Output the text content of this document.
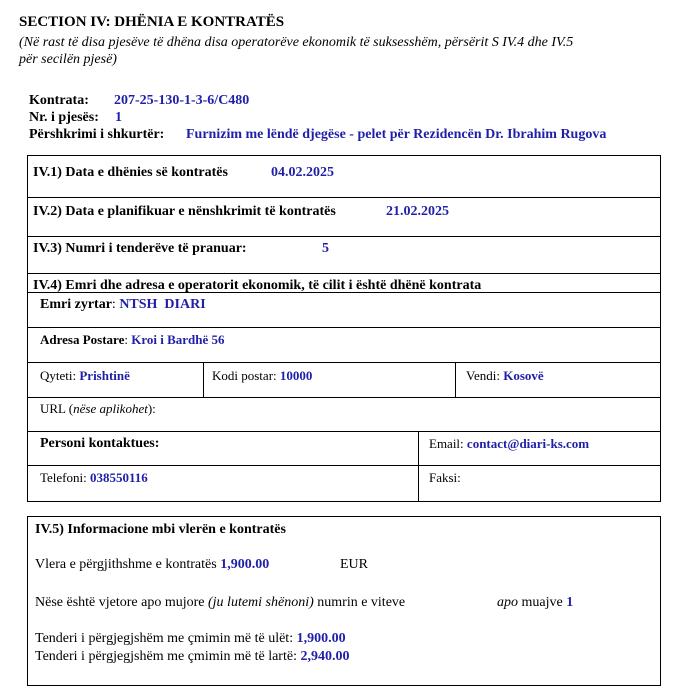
SECTION IV: DHËNIA E KONTRATËS
(Në rast të disa pjesëve të dhëna disa operatorëve ekonomik të suksesshëm, përsërit S IV.4 dhe IV.5
për secilën pjesë)
Kontrata: 207-25-130-1-3-6/C480
Nr. i pjesës: 1
Përshkrimi i shkurtër: Furnizim me lëndë djegëse - pelet për Rezidencën Dr. Ibrahim Rugova
IV.1) Data e dhënies së kontratës	04.02.2025
IV.2) Data e planifikuar e nënshkrimit të kontratës	21.02.2025
IV.3) Numri i tenderëve të pranuar:	5
IV.4) Emri dhe adresa e operatorit ekonomik, të cilit i është dhënë kontrata
Emri zyrtar: NTSH  DIARI
Adresa Postare: Kroi i Bardhë 56
Qyteti: Prishtinë	Kodi postar: 10000	Vendi: Kosovë
URL (nëse aplikohet):
Personi kontaktues:	Email: contact@diari-ks.com
Telefoni: 038550116	Faksi:
IV.5) Informacione mbi vlerën e kontratës
Vlera e përgjithshme e kontratës 1,900.00	EUR
Nëse është vjetore apo mujore (ju lutemi shënoni) numrin e viteve	apo muajve 1
Tenderi i përgjegjshëm me çmimin më të ulët: 1,900.00
Tenderi i përgjegjshëm me çmimin më të lartë: 2,940.00
